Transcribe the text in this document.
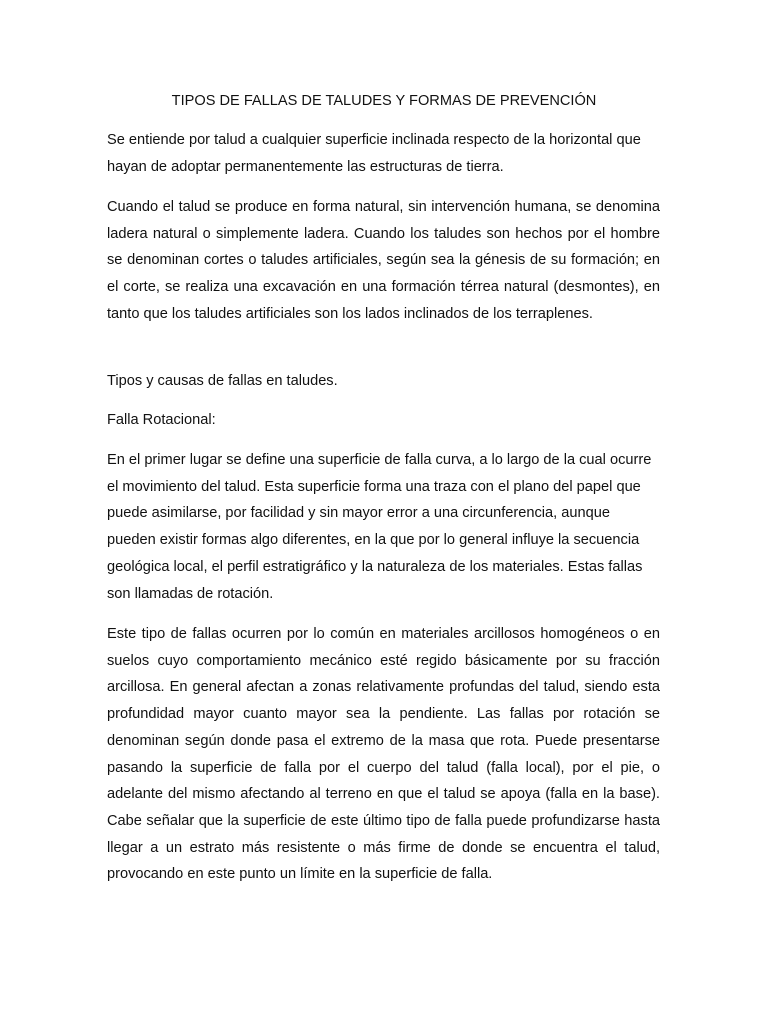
TIPOS DE FALLAS DE TALUDES Y FORMAS DE PREVENCIÓN

Se entiende por talud a cualquier superficie inclinada respecto de la horizontal que hayan de adoptar permanentemente las estructuras de tierra.

Cuando el talud se produce en forma natural, sin intervención humana, se denomina ladera natural o simplemente ladera. Cuando los taludes son hechos por el hombre se denominan cortes o taludes artificiales, según sea la génesis de su formación; en el corte, se realiza una excavación en una formación térrea natural (desmontes), en tanto que los taludes artificiales son los lados inclinados de los terraplenes.

Tipos y causas de fallas en taludes.

Falla Rotacional:

En el primer lugar se define una superficie de falla curva, a lo largo de la cual ocurre el movimiento del talud. Esta superficie forma una traza con el plano del papel que puede asimilarse, por facilidad y sin mayor error a una circunferencia, aunque pueden existir formas algo diferentes, en la que por lo general influye la secuencia geológica local, el perfil estratigráfico y la naturaleza de los materiales. Estas fallas son llamadas de rotación.

Este tipo de fallas ocurren por lo común en materiales arcillosos homogéneos o en suelos cuyo comportamiento mecánico esté regido básicamente por su fracción arcillosa. En general afectan a zonas relativamente profundas del talud, siendo esta profundidad mayor cuanto mayor sea la pendiente. Las fallas por rotación se denominan según donde pasa el extremo de la masa que rota. Puede presentarse pasando la superficie de falla por el cuerpo del talud (falla local), por el pie, o adelante del mismo afectando al terreno en que el talud se apoya (falla en la base). Cabe señalar que la superficie de este último tipo de falla puede profundizarse hasta llegar a un estrato más resistente o más firme de donde se encuentra el talud, provocando en este punto un límite en la superficie de falla.
